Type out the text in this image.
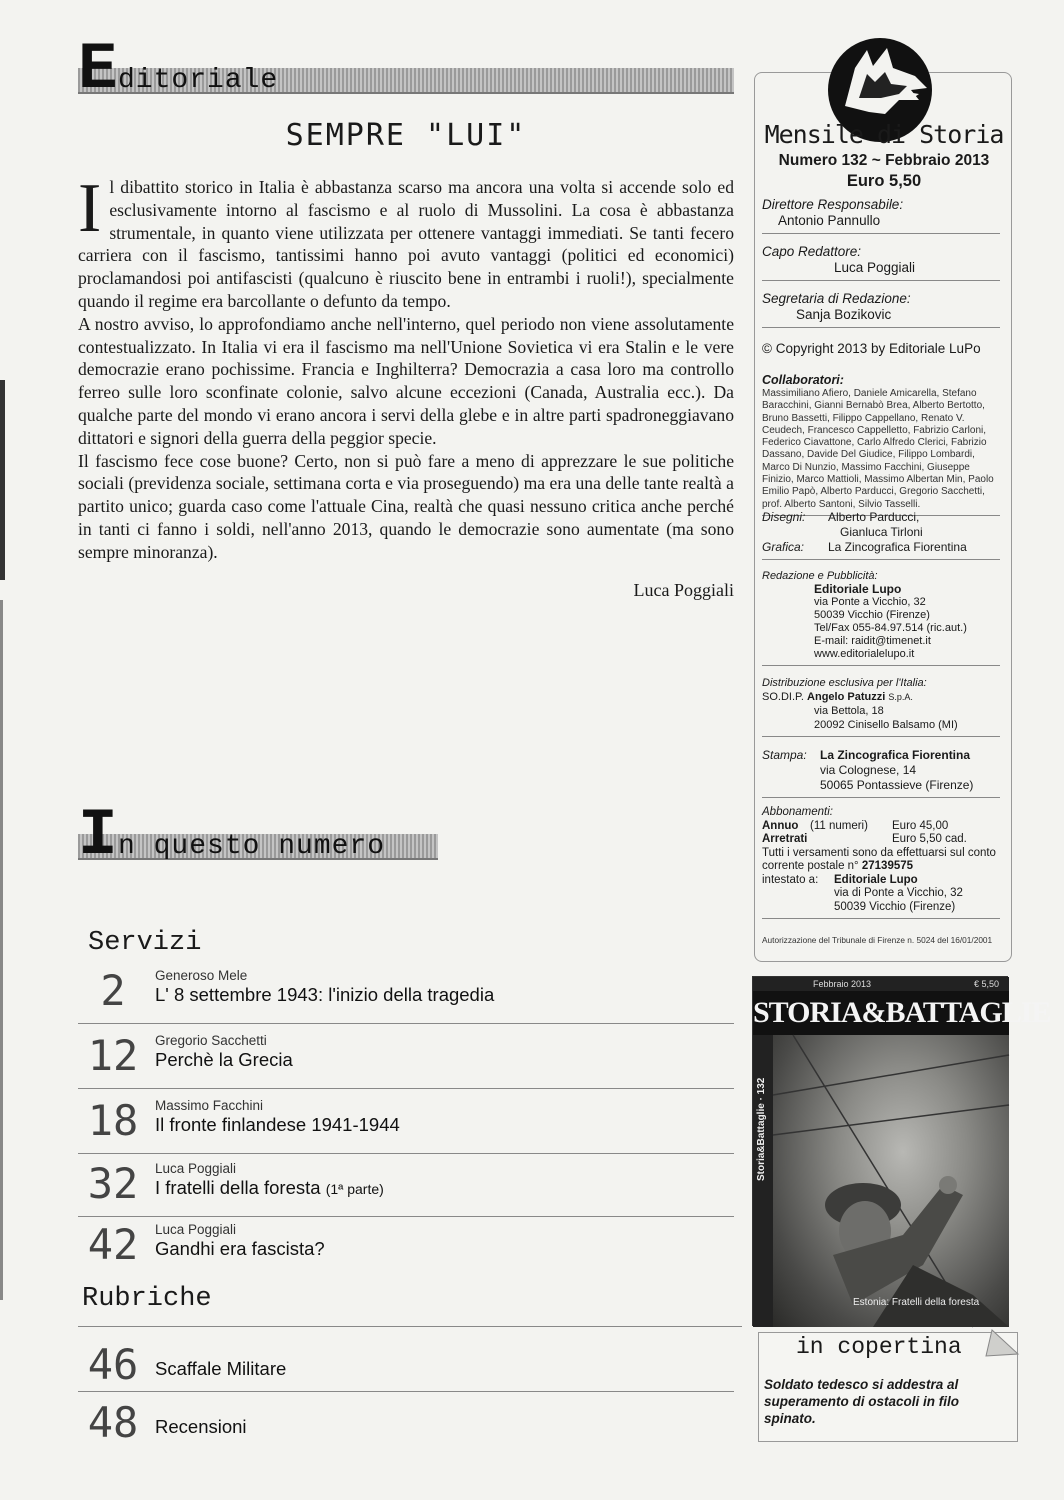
E ditoriale
SEMPRE "LUI"

Il dibattito storico in Italia è abbastanza scarso ma ancora una volta si accende solo ed esclusivamente intorno al fascismo e al ruolo di Mussolini. La cosa è abbastanza strumentale, in quanto viene utilizzata per ottenere vantaggi immediati. Se tanti fecero carriera con il fascismo, tantissimi hanno poi avuto vantaggi (politici ed economici) proclamandosi poi antifascisti (qualcuno è riuscito bene in entrambi i ruoli!), specialmente quando il regime era barcollante o defunto da tempo.

A nostro avviso, lo approfondiamo anche nell'interno, quel periodo non viene assolutamente contestualizzato. In Italia vi era il fascismo ma nell'Unione Sovietica vi era Stalin e le vere democrazie erano pochissime. Francia e Inghilterra? Democrazia a casa loro ma controllo ferreo sulle loro sconfinate colonie, salvo alcune eccezioni (Canada, Australia ecc.). Da qualche parte del mondo vi erano ancora i servi della glebe e in altre parti spadroneggiavano dittatori e signori della guerra della peggior specie.

Il fascismo fece cose buone? Certo, non si può fare a meno di apprezzare le sue politiche sociali (previdenza sociale, settimana corta e via proseguendo) ma era una delle tante realtà a partito unico; guarda caso come l'attuale Cina, realtà che quasi nessuno critica anche perché in tanti ci fanno i soldi, nell'anno 2013, quando le democrazie sono aumentate (ma sono sempre minoranza).

Luca Poggiali
I n questo numero
Servizi
2	Generoso Mele
L' 8 settembre 1943: l'inizio della tragedia
12	Gregorio Sacchetti
Perchè la Grecia
18	Massimo Facchini
Il fronte finlandese 1941-1944
32	Luca Poggiali
I fratelli della foresta (1ª parte)
42	Luca Poggiali
Gandhi era fascista?
Rubriche
46 Scaffale Militare
48 Recensioni
Mensile di Storia
Numero 132 ~ Febbraio 2013
Euro 5,50
Direttore Responsabile:
Antonio Pannullo
Capo Redattore:
Luca Poggiali
Segretaria di Redazione:
Sanja Bozikovic
© Copyright 2013 by Editoriale LuPo
Collaboratori:
Massimiliano Afiero, Daniele Amicarella, Stefano Baracchini, Gianni Bernabò Brea, Alberto Bertotto, Bruno Bassetti, Filippo Cappellano, Renato V. Ceudech, Francesco Cappelletto, Fabrizio Carloni, Federico Ciavattone, Carlo Alfredo Clerici, Fabrizio Dassano, Davide Del Giudice, Filippo Lombardi, Marco Di Nunzio, Massimo Facchini, Giuseppe Finizio, Marco Mattioli, Massimo Albertan Min, Paolo Emilio Papò, Alberto Parducci, Gregorio Sacchetti, prof. Alberto Santoni, Silvio Tasselli.
Disegni:	Alberto Parducci,
Gianluca Tirloni
Grafica:	La Zincografica Fiorentina
Redazione e Pubblicità:
Editoriale Lupo
via Ponte a Vicchio, 32
50039 Vicchio (Firenze)
Tel/Fax 055-84.97.514 (ric.aut.)
E-mail: raidit@timenet.it
www.editorialelupo.it
Distribuzione esclusiva per l'Italia:
SO.DI.P. Angelo Patuzzi S.p.A.
via Bettola, 18
20092 Cinisello Balsamo (MI)
Stampa:	La Zincografica Fiorentina
via Colognese, 14
50065 Pontassieve (Firenze)
Abbonamenti:
Annuo	(11 numeri)	Euro 45,00
Arretrati	Euro 5,50 cad.
Tutti i versamenti sono da effettuarsi sul conto corrente postale n° 27139575
intestato a:	Editoriale Lupo
via di Ponte a Vicchio, 32
50039 Vicchio (Firenze)
Autorizzazione del Tribunale di Firenze n. 5024 del 16/01/2001
Febbraio 2013	€ 5,50
STORIA&BATTAGLIE
Storia&Battaglie · 132
Estonia: Fratelli della foresta
in copertina
Soldato tedesco si addestra al superamento di ostacoli in filo spinato.
